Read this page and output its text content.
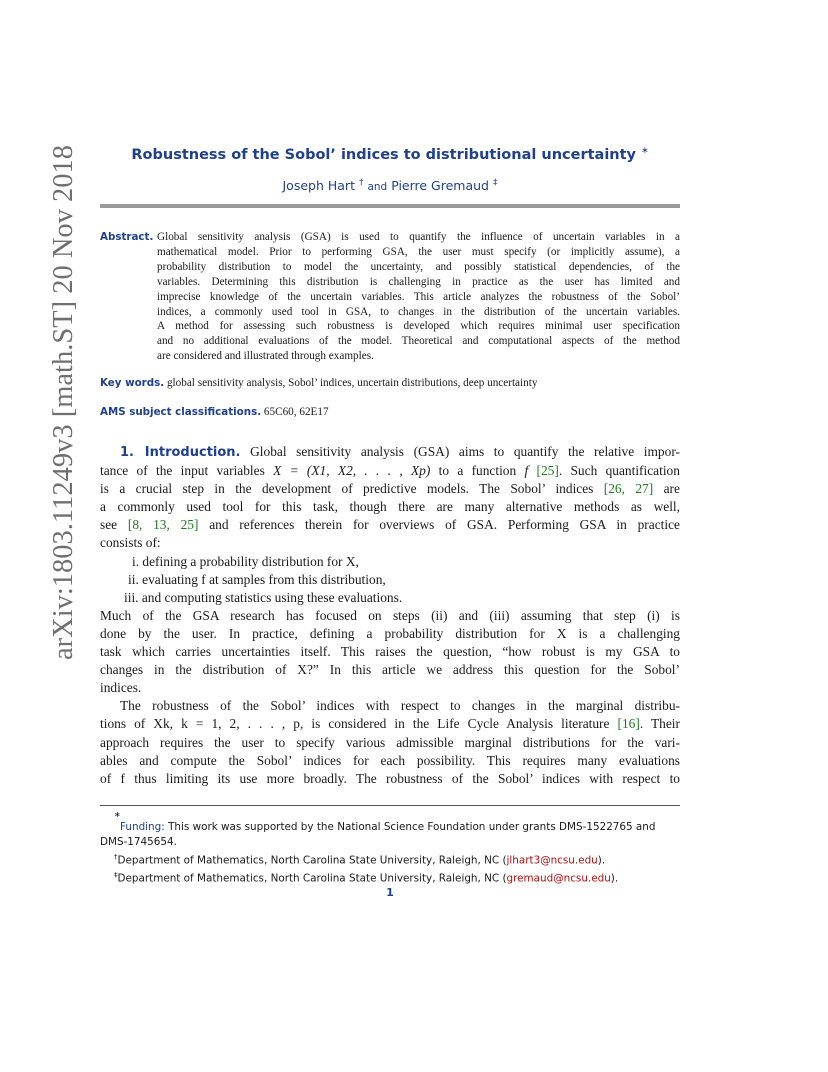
arXiv:1803.11249v3 [math.ST] 20 Nov 2018	Robustness of the Sobol’ indices to distributional uncertainty ∗
Joseph Hart † and Pierre Gremaud ‡
Abstract. Global sensitivity analysis (GSA) is used to quantify the influence of uncertain variables in a
mathematical model. Prior to performing GSA, the user must specify (or implicitly assume), a
probability distribution to model the uncertainty, and possibly statistical dependencies, of the
variables. Determining this distribution is challenging in practice as the user has limited and
imprecise knowledge of the uncertain variables. This article analyzes the robustness of the Sobol’
indices, a commonly used tool in GSA, to changes in the distribution of the uncertain variables.
A method for assessing such robustness is developed which requires minimal user specification
and no additional evaluations of the model. Theoretical and computational aspects of the method
are considered and illustrated through examples.
Key words. global sensitivity analysis, Sobol’ indices, uncertain distributions, deep uncertainty
AMS subject classifications. 65C60, 62E17
1. Introduction. Global sensitivity analysis (GSA) aims to quantify the relative impor-
tance of the input variables X = (X1, X2, . . . , Xp) to a function f [25]. Such quantification
is a crucial step in the development of predictive models. The Sobol’ indices [26, 27] are
a commonly used tool for this task, though there are many alternative methods as well,
see [8, 13, 25] and references therein for overviews of GSA. Performing GSA in practice
consists of:
i. defining a probability distribution for X,
ii. evaluating f at samples from this distribution,
iii. and computing statistics using these evaluations.
Much of the GSA research has focused on steps (ii) and (iii) assuming that step (i) is
done by the user. In practice, defining a probability distribution for X is a challenging
task which carries uncertainties itself. This raises the question, “how robust is my GSA to
changes in the distribution of X?” In this article we address this question for the Sobol’
indices.
The robustness of the Sobol’ indices with respect to changes in the marginal distribu-
tions of Xk, k = 1, 2, . . . , p, is considered in the Life Cycle Analysis literature [16]. Their
approach requires the user to specify various admissible marginal distributions for the vari-
ables and compute the Sobol’ indices for each possibility. This requires many evaluations
of f thus limiting its use more broadly. The robustness of the Sobol’ indices with respect to
∗
Funding: This work was supported by the National Science Foundation under grants DMS-1522765 and DMS-1745654.
†Department of Mathematics, North Carolina State University, Raleigh, NC (jlhart3@ncsu.edu).
‡Department of Mathematics, North Carolina State University, Raleigh, NC (gremaud@ncsu.edu).
1
